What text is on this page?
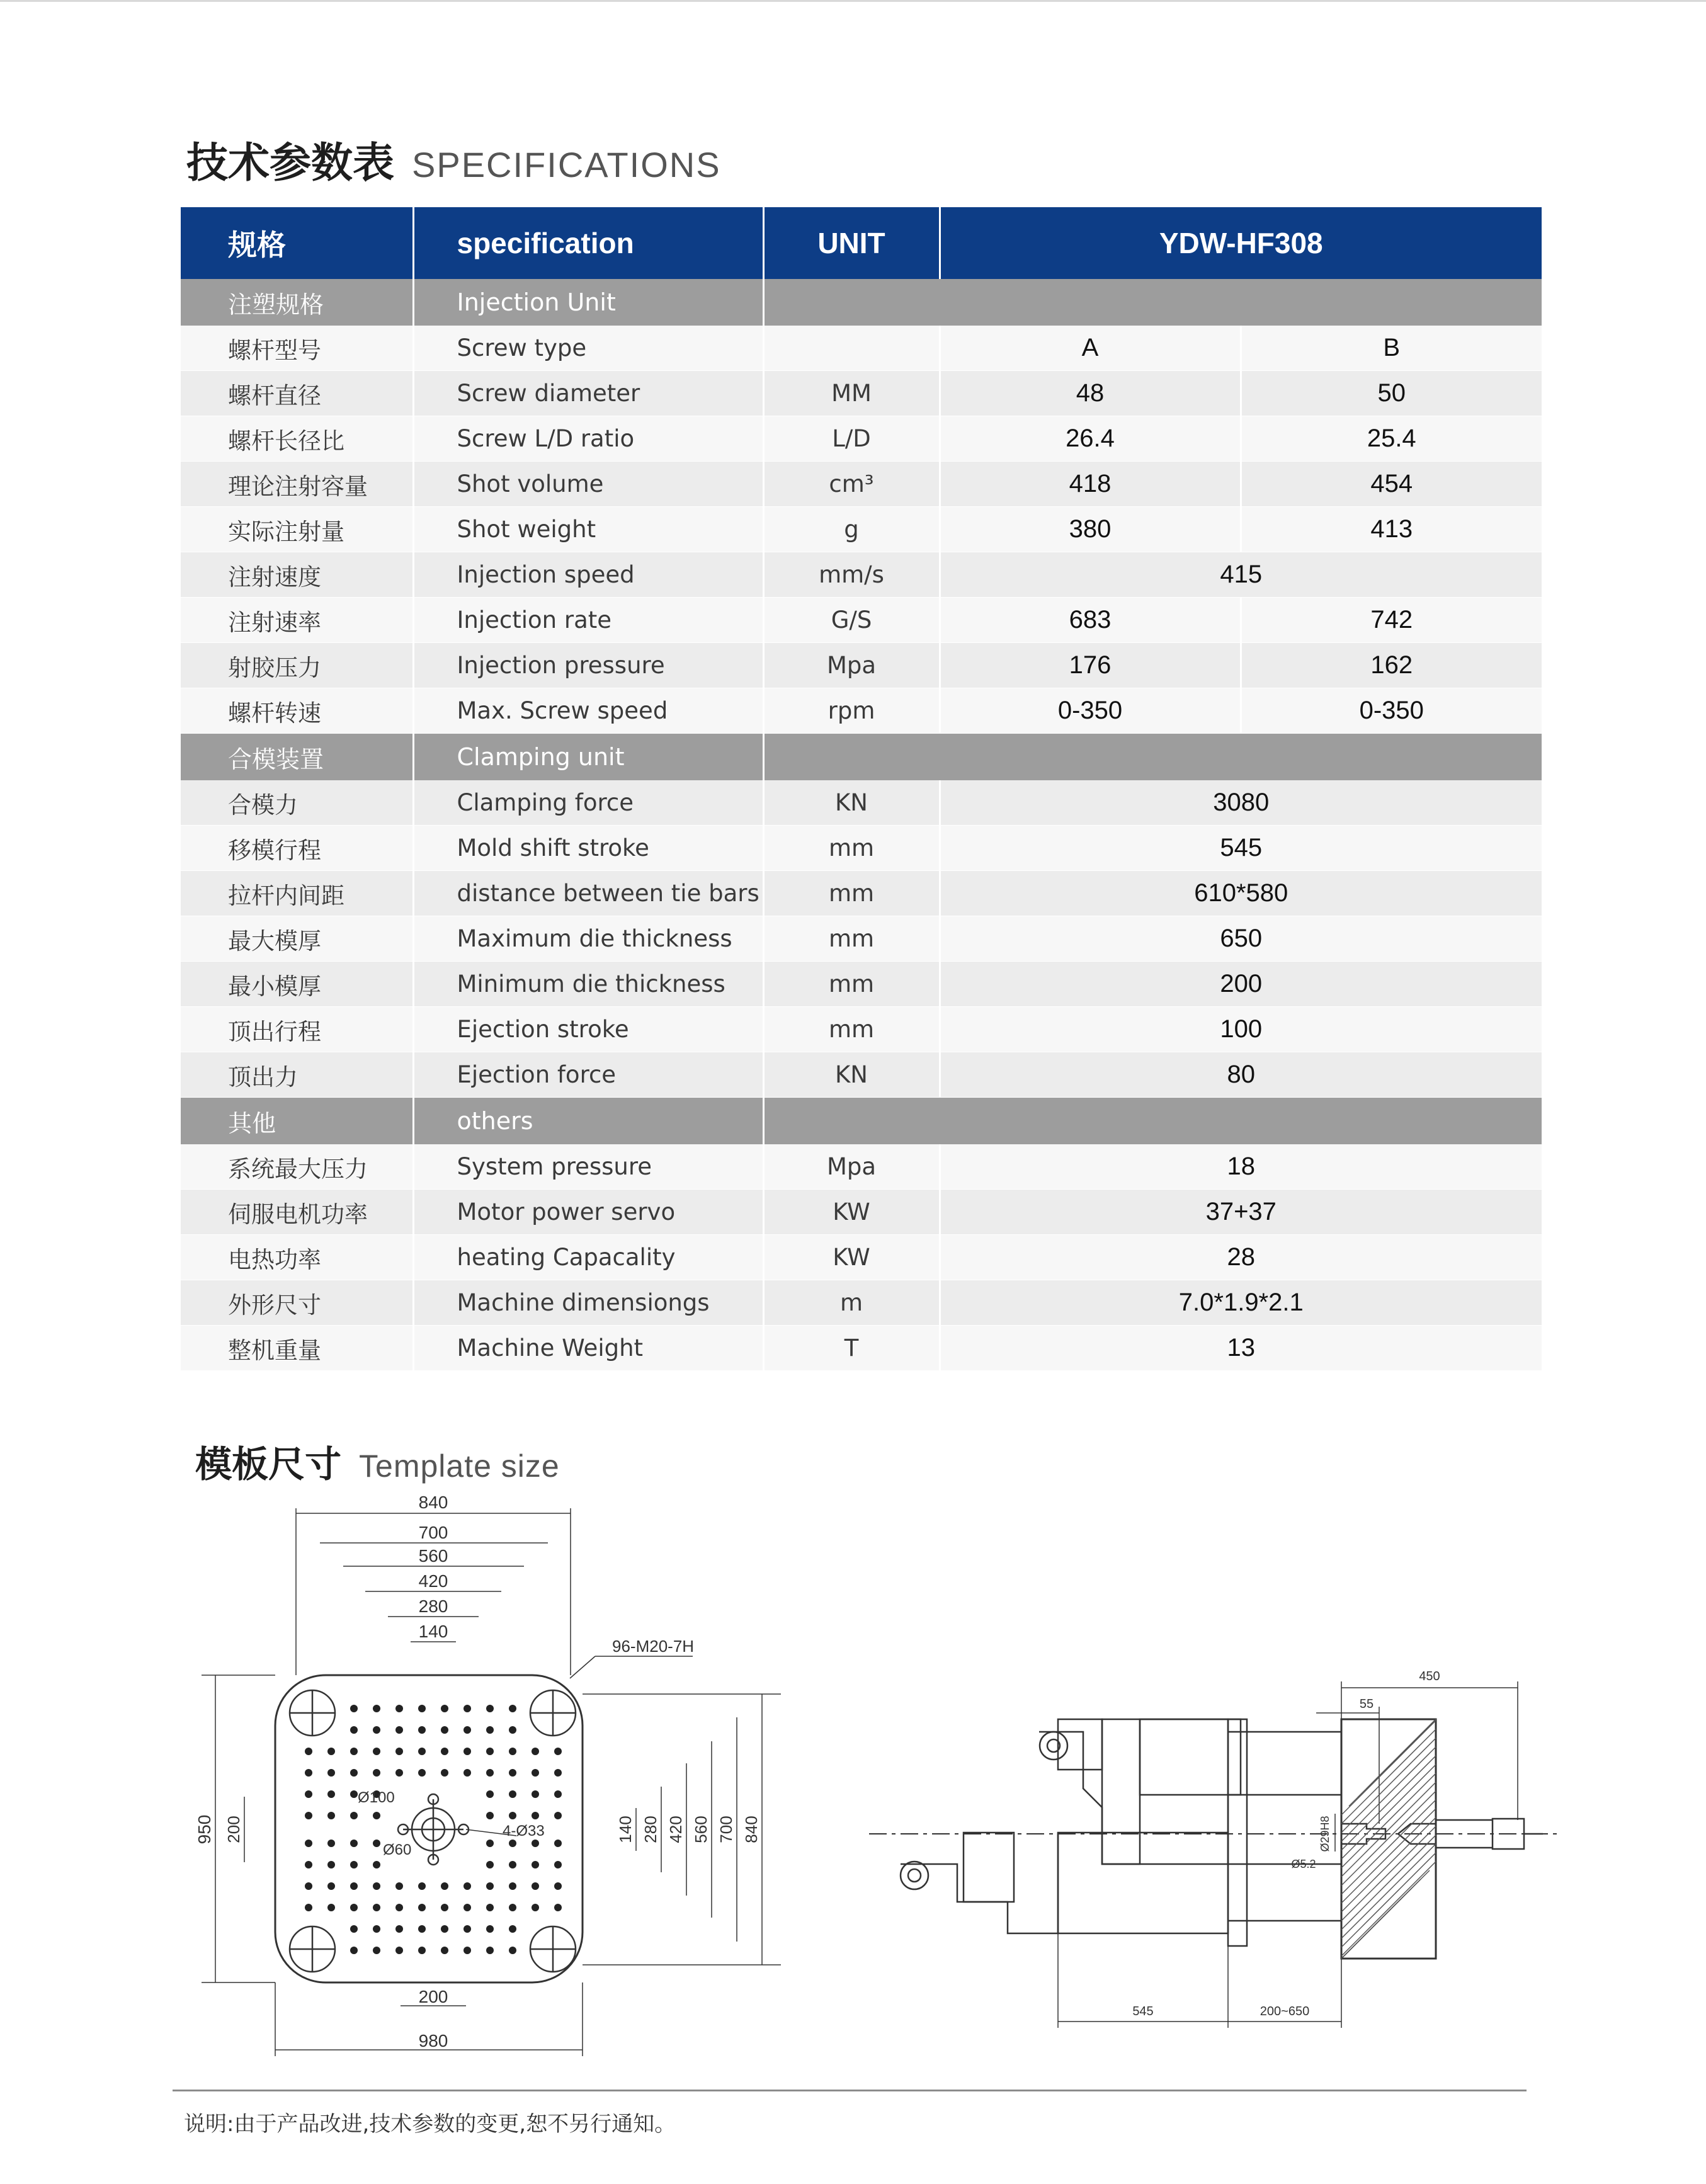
技术参数表 SPECIFICATIONS
规格	specification	UNIT	YDW-HF308	
注塑规格	Injection Unit			
螺杆型号	Screw type		A	B
螺杆直径	Screw diameter	MM	48	50
螺杆长径比	Screw L/D ratio	L/D	26.4	25.4
理论注射容量	Shot volume	cm³	418	454
实际注射量	Shot weight	g	380	413
注射速度	Injection speed	mm/s	415	
注射速率	Injection rate	G/S	683	742
射胶压力	Injection pressure	Mpa	176	162
螺杆转速	Max. Screw speed	rpm	0-350	0-350
合模装置	Clamping unit			
合模力	Clamping force	KN	3080	
移模行程	Mold shift stroke	mm	545	
拉杆内间距	distance between tie bars	mm	610*580	
最大模厚	Maximum die thickness	mm	650	
最小模厚	Minimum die thickness	mm	200	
顶出行程	Ejection stroke	mm	100	
顶出力	Ejection force	KN	80	
其他	others			
系统最大压力	System pressure	Mpa	18	
伺服电机功率	Motor power servo	KW	37+37	
电热功率	heating Capacality	KW	28	
外形尺寸	Machine dimensiongs	m	7.0*1.9*2.1	
整机重量	Machine Weight	T	13	
模板尺寸 Template size
840
700
560
420
280
140
140 280 420 560 700 840
950 200
200
980
96-M20-7H
Ø100
4-Ø33
Ø60
450
55
Ø29H8
Ø5.2
545	200~650
说明:由于产品改进,技术参数的变更,恕不另行通知。
